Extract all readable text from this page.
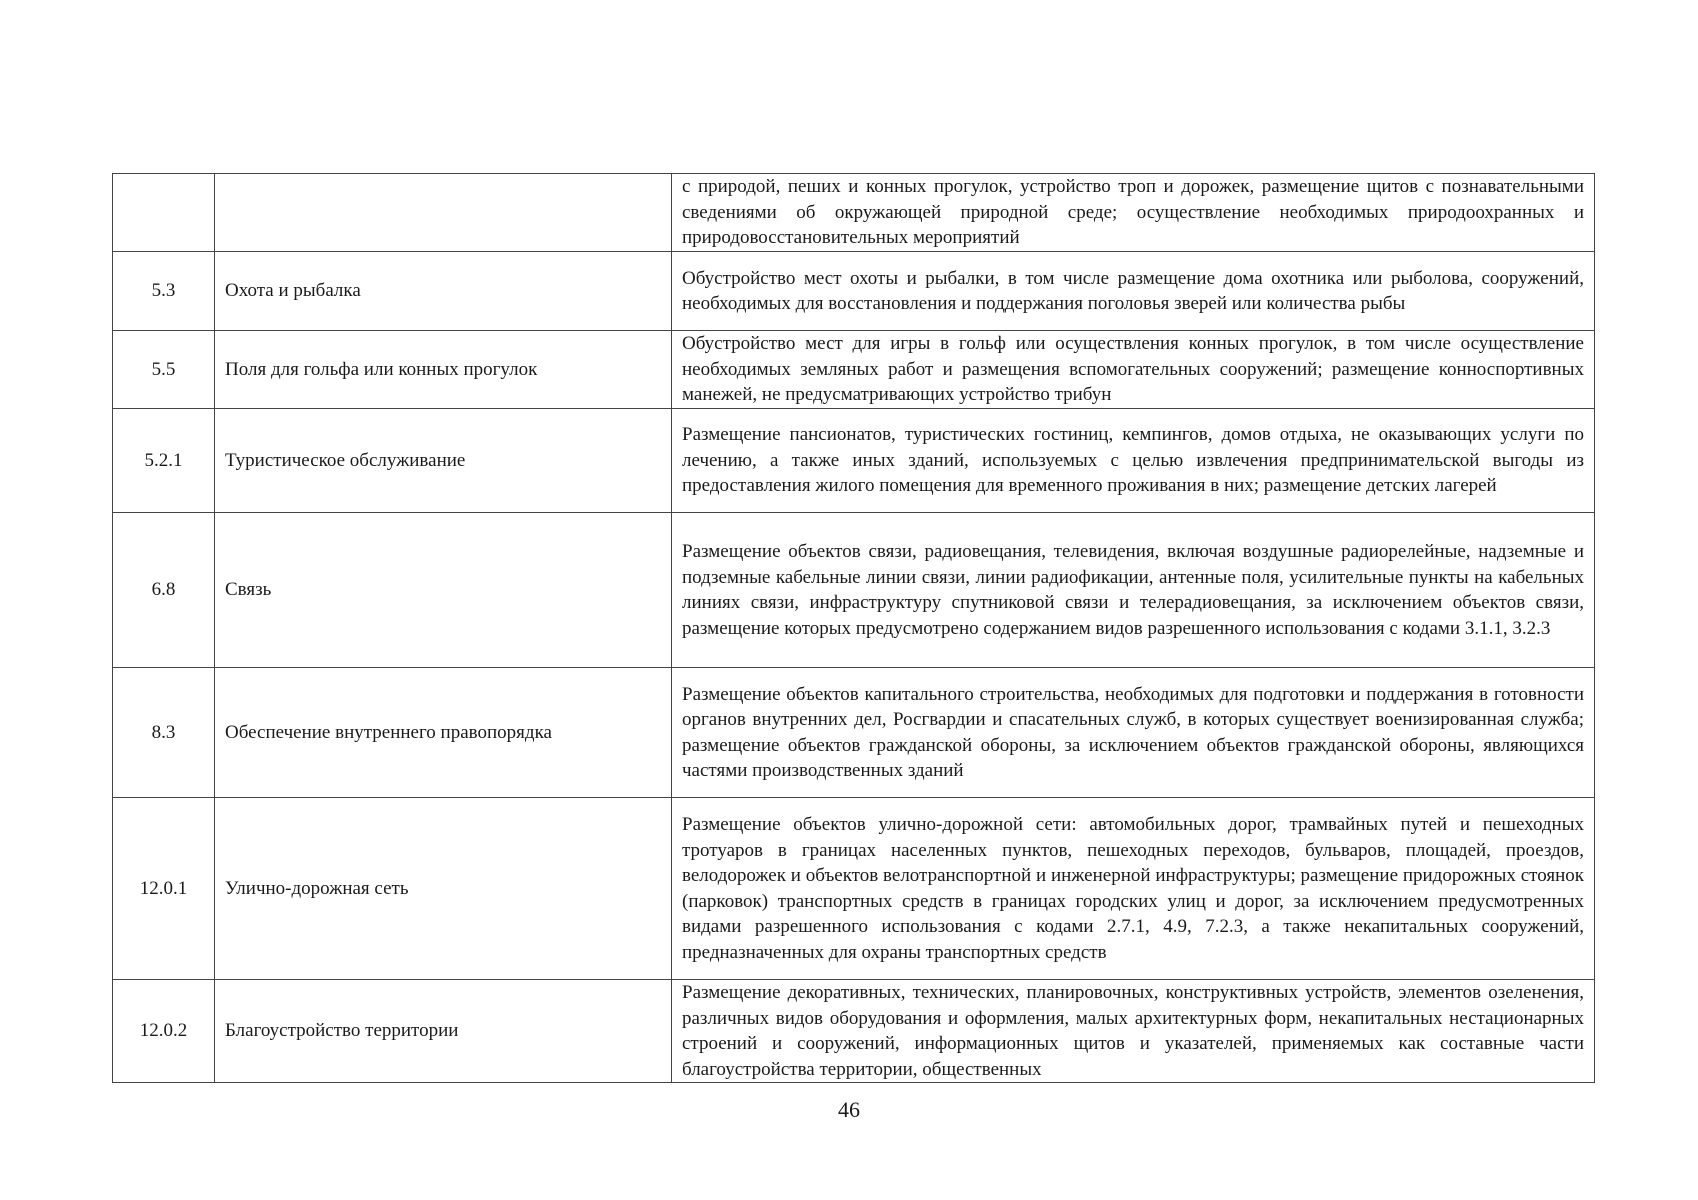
		с природой, пеших и конных прогулок, устройство троп и дорожек, размещение щитов с познавательными сведениями об окружающей природной среде; осуществление необходимых природоохранных и природовосстановительных мероприятий
5.3	Охота и рыбалка	Обустройство мест охоты и рыбалки, в том числе размещение дома охотника или рыболова, сооружений, необходимых для восстановления и поддержания поголовья зверей или количества рыбы
5.5	Поля для гольфа или конных прогулок	Обустройство мест для игры в гольф или осуществления конных прогулок, в том числе осуществление необходимых земляных работ и размещения вспомогательных сооружений; размещение конноспортивных манежей, не предусматривающих устройство трибун
5.2.1	Туристическое обслуживание	Размещение пансионатов, туристических гостиниц, кемпингов, домов отдыха, не оказывающих услуги по лечению, а также иных зданий, используемых с целью извлечения предпринимательской выгоды из предоставления жилого помещения для временного проживания в них; размещение детских лагерей
6.8	Связь	Размещение объектов связи, радиовещания, телевидения, включая воздушные радиорелейные, надземные и подземные кабельные линии связи, линии радиофикации, антенные поля, усилительные пункты на кабельных линиях связи, инфраструктуру спутниковой связи и телерадиовещания, за исключением объектов связи, размещение которых предусмотрено содержанием видов разрешенного использования с кодами 3.1.1, 3.2.3
8.3	Обеспечение внутреннего правопорядка	Размещение объектов капитального строительства, необходимых для подготовки и поддержания в готовности органов внутренних дел, Росгвардии и спасательных служб, в которых существует военизированная служба; размещение объектов гражданской обороны, за исключением объектов гражданской обороны, являющихся частями производственных зданий
12.0.1	Улично-дорожная сеть	Размещение объектов улично-дорожной сети: автомобильных дорог, трамвайных путей и пешеходных тротуаров в границах населенных пунктов, пешеходных переходов, бульваров, площадей, проездов, велодорожек и объектов велотранспортной и инженерной инфраструктуры; размещение придорожных стоянок (парковок) транспортных средств в границах городских улиц и дорог, за исключением предусмотренных видами разрешенного использования с кодами 2.7.1, 4.9, 7.2.3, а также некапитальных сооружений, предназначенных для охраны транспортных средств
12.0.2	Благоустройство территории	Размещение декоративных, технических, планировочных, конструктивных устройств, элементов озеленения, различных видов оборудования и оформления, малых архитектурных форм, некапитальных нестационарных строений и сооружений, информационных щитов и указателей, применяемых как составные части благоустройства территории, общественных
46
